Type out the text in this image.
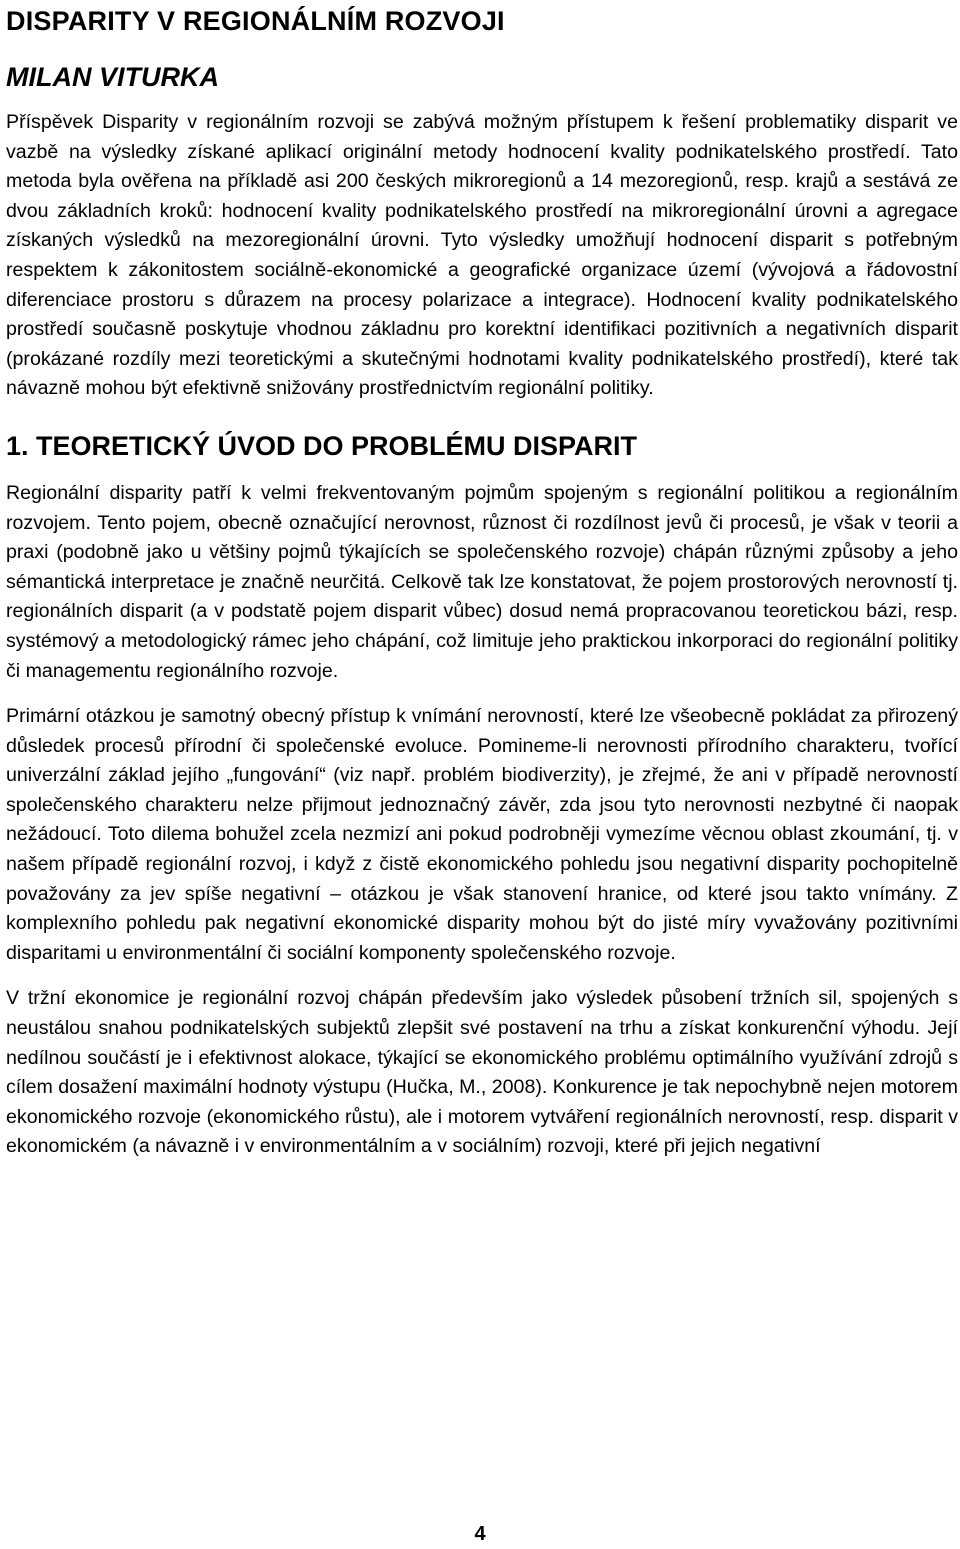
DISPARITY V REGIONÁLNÍM ROZVOJI
MILAN VITURKA

Příspěvek Disparity v regionálním rozvoji se zabývá možným přístupem k řešení problematiky disparit ve vazbě na výsledky získané aplikací originální metody hodnocení kvality podnikatelského prostředí. Tato metoda byla ověřena na příkladě asi 200 českých mikroregionů a 14 mezoregionů, resp. krajů a sestává ze dvou základních kroků: hodnocení kvality podnikatelského prostředí na mikroregionální úrovni a agregace získaných výsledků na mezoregionální úrovni. Tyto výsledky umožňují hodnocení disparit s potřebným respektem k zákonitostem sociálně-ekonomické a geografické organizace území (vývojová a řádovostní diferenciace prostoru s důrazem na procesy polarizace a integrace). Hodnocení kvality podnikatelského prostředí současně poskytuje vhodnou základnu pro korektní identifikaci pozitivních a negativních disparit (prokázané rozdíly mezi teoretickými a skutečnými hodnotami kvality podnikatelského prostředí), které tak návazně mohou být efektivně snižovány prostřednictvím regionální politiky.

1. TEORETICKÝ ÚVOD DO PROBLÉMU DISPARIT

Regionální disparity patří k velmi frekventovaným pojmům spojeným s regionální politikou a regionálním rozvojem. Tento pojem, obecně označující nerovnost, různost či rozdílnost jevů či procesů, je však v teorii a praxi (podobně jako u většiny pojmů týkajících se společenského rozvoje) chápán různými způsoby a jeho sémantická interpretace je značně neurčitá. Celkově tak lze konstatovat, že pojem prostorových nerovností tj. regionálních disparit (a v podstatě pojem disparit vůbec) dosud nemá propracovanou teoretickou bázi, resp. systémový a metodologický rámec jeho chápání, což limituje jeho praktickou inkorporaci do regionální politiky či managementu regionálního rozvoje.

Primární otázkou je samotný obecný přístup k vnímání nerovností, které lze všeobecně pokládat za přirozený důsledek procesů přírodní či společenské evoluce. Pomineme-li nerovnosti přírodního charakteru, tvořící univerzální základ jejího „fungování“ (viz např. problém biodiverzity), je zřejmé, že ani v případě nerovností společenského charakteru nelze přijmout jednoznačný závěr, zda jsou tyto nerovnosti nezbytné či naopak nežádoucí. Toto dilema bohužel zcela nezmizí ani pokud podrobněji vymezíme věcnou oblast zkoumání, tj. v našem případě regionální rozvoj, i když z čistě ekonomického pohledu jsou negativní disparity pochopitelně považovány za jev spíše negativní – otázkou je však stanovení hranice, od které jsou takto vnímány. Z komplexního pohledu pak negativní ekonomické disparity mohou být do jisté míry vyvažovány pozitivními disparitami u environmentální či sociální komponenty společenského rozvoje.

V tržní ekonomice je regionální rozvoj chápán především jako výsledek působení tržních sil, spojených s neustálou snahou podnikatelských subjektů zlepšit své postavení na trhu a získat konkurenční výhodu. Její nedílnou součástí je i efektivnost alokace, týkající se ekonomického problému optimálního využívání zdrojů s cílem dosažení maximální hodnoty výstupu (Hučka, M., 2008). Konkurence je tak nepochybně nejen motorem ekonomického rozvoje (ekonomického růstu), ale i motorem vytváření regionálních nerovností, resp. disparit v ekonomickém (a návazně i v environmentálním a v sociálním) rozvoji, které při jejich negativní

4
